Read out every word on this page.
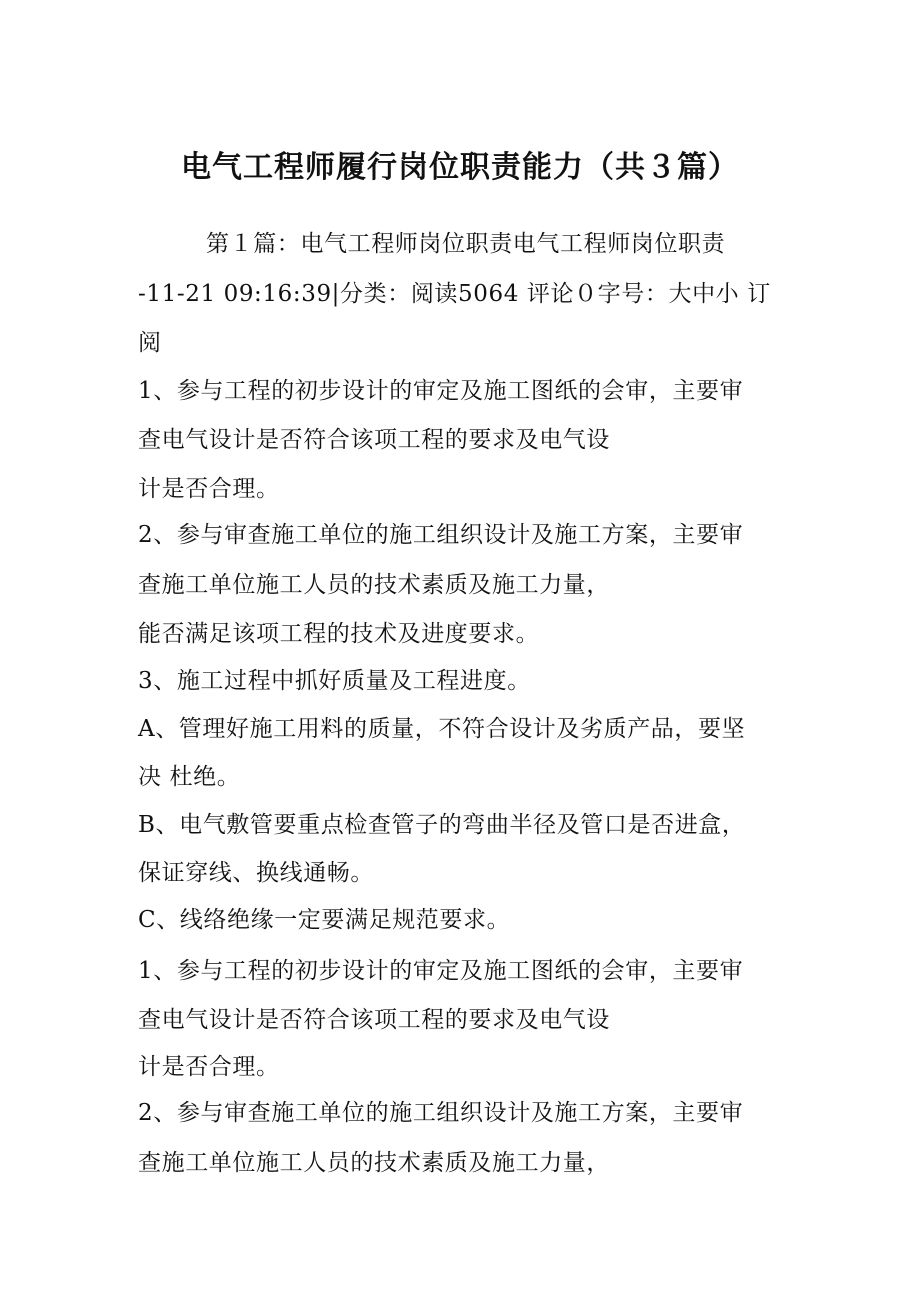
电气工程师履行岗位职责能力（共３篇）
第１篇：电气工程师岗位职责电气工程师岗位职责
-11-21 09:16:39|分类：阅读5064 评论０字号：大中小 订
阅
1、参与工程的初步设计的审定及施工图纸的会审，主要审
查电气设计是否符合该项工程的要求及电气设
计是否合理。
2、参与审查施工单位的施工组织设计及施工方案，主要审
查施工单位施工人员的技术素质及施工力量，
能否满足该项工程的技术及进度要求。
3、施工过程中抓好质量及工程进度。
A、管理好施工用料的质量，不符合设计及劣质产品，要坚
决 杜绝。
B、电气敷管要重点检查管子的弯曲半径及管口是否进盒，
保证穿线、换线通畅。
C、线络绝缘一定要满足规范要求。
1、参与工程的初步设计的审定及施工图纸的会审，主要审
查电气设计是否符合该项工程的要求及电气设
计是否合理。
2、参与审查施工单位的施工组织设计及施工方案，主要审
查施工单位施工人员的技术素质及施工力量，
